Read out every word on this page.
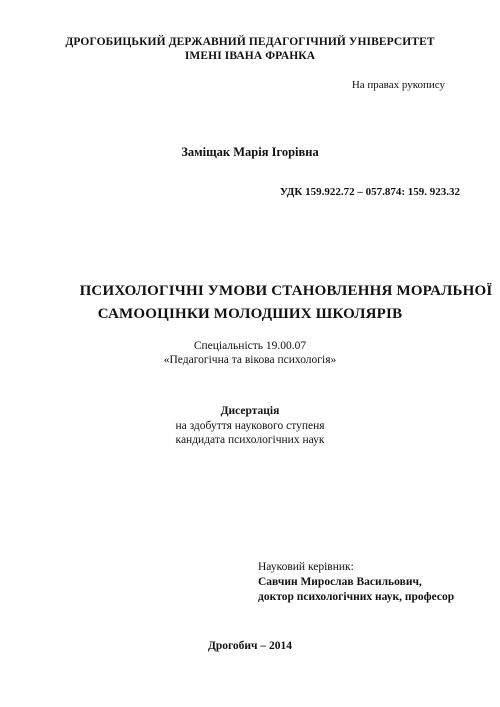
ДРОГОБИЦЬКИЙ ДЕРЖАВНИЙ ПЕДАГОГІЧНИЙ УНІВЕРСИТЕТ
ІМЕНІ ІВАНА ФРАНКА
На правах рукопису
Заміщак Марія Ігорівна
УДК 159.922.72 – 057.874: 159. 923.32
ПСИХОЛОГІЧНІ УМОВИ СТАНОВЛЕННЯ МОРАЛЬНОЇ
САМООЦІНКИ МОЛОДШИХ ШКОЛЯРІВ
Спеціальність 19.00.07
«Педагогічна та вікова психологія»
Дисертація
на здобуття наукового ступеня
кандидата психологічних наук
Науковий керівник:
Савчин Мирослав Васильович,
доктор психологічних наук, професор
Дрогобич – 2014
